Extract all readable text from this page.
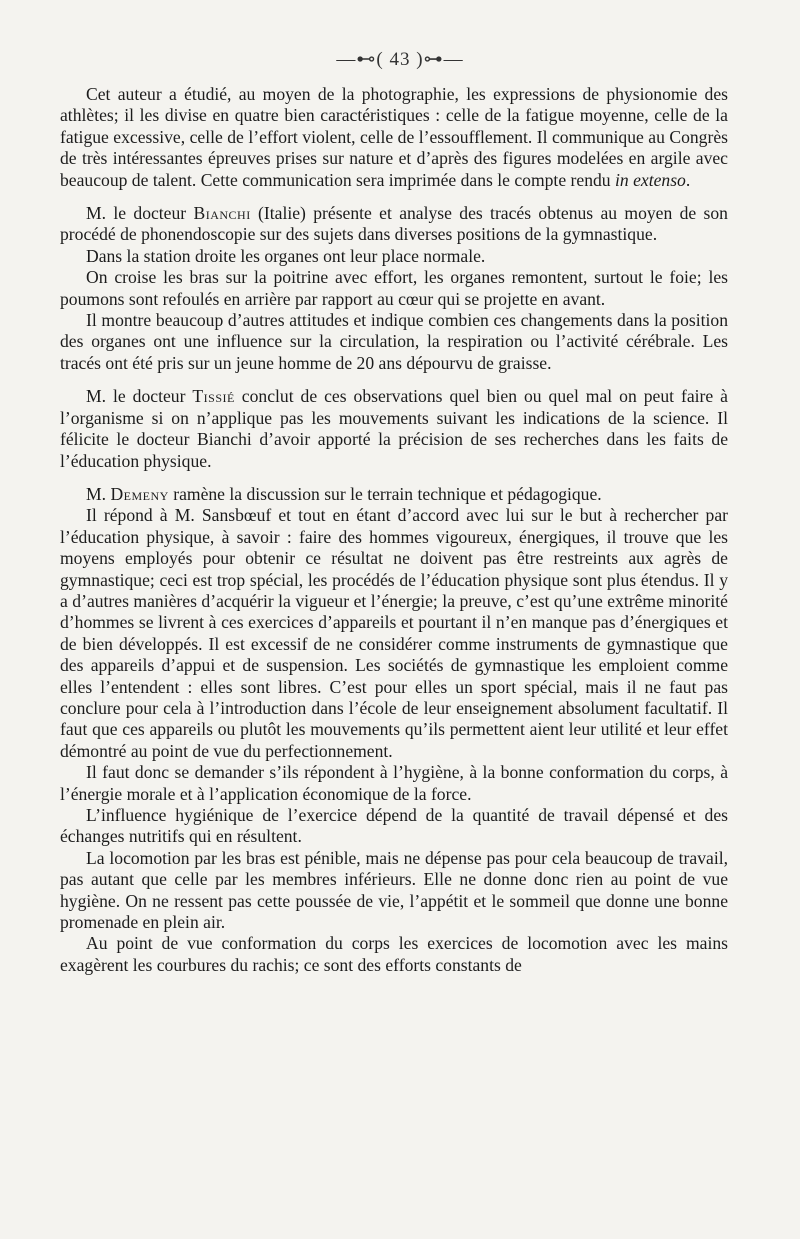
—⊷( 43 )⊶—

Cet auteur a étudié, au moyen de la photographie, les expressions de physionomie des athlètes; il les divise en quatre bien caractéristiques : celle de la fatigue moyenne, celle de la fatigue excessive, celle de l’effort violent, celle de l’essoufflement. Il communique au Congrès de très intéressantes épreuves prises sur nature et d’après des figures modelées en argile avec beaucoup de talent. Cette communication sera imprimée dans le compte rendu in extenso.

M. le docteur Bianchi (Italie) présente et analyse des tracés obtenus au moyen de son procédé de phonendoscopie sur des sujets dans diverses positions de la gymnastique.

Dans la station droite les organes ont leur place normale.

On croise les bras sur la poitrine avec effort, les organes remontent, surtout le foie; les poumons sont refoulés en arrière par rapport au cœur qui se projette en avant.

Il montre beaucoup d’autres attitudes et indique combien ces changements dans la position des organes ont une influence sur la circulation, la respiration ou l’activité cérébrale. Les tracés ont été pris sur un jeune homme de 20 ans dépourvu de graisse.

M. le docteur Tissié conclut de ces observations quel bien ou quel mal on peut faire à l’organisme si on n’applique pas les mouvements suivant les indications de la science. Il félicite le docteur Bianchi d’avoir apporté la précision de ses recherches dans les faits de l’éducation physique.

M. Demeny ramène la discussion sur le terrain technique et pédagogique.

Il répond à M. Sansbœuf et tout en étant d’accord avec lui sur le but à rechercher par l’éducation physique, à savoir : faire des hommes vigoureux, énergiques, il trouve que les moyens employés pour obtenir ce résultat ne doivent pas être restreints aux agrès de gymnastique; ceci est trop spécial, les procédés de l’éducation physique sont plus étendus. Il y a d’autres manières d’acquérir la vigueur et l’énergie; la preuve, c’est qu’une extrême minorité d’hommes se livrent à ces exercices d’appareils et pourtant il n’en manque pas d’énergiques et de bien développés. Il est excessif de ne considérer comme instruments de gymnastique que des appareils d’appui et de suspension. Les sociétés de gymnastique les emploient comme elles l’entendent : elles sont libres. C’est pour elles un sport spécial, mais il ne faut pas conclure pour cela à l’introduction dans l’école de leur enseignement absolument facultatif. Il faut que ces appareils ou plutôt les mouvements qu’ils permettent aient leur utilité et leur effet démontré au point de vue du perfectionnement.

Il faut donc se demander s’ils répondent à l’hygiène, à la bonne conformation du corps, à l’énergie morale et à l’application économique de la force.

L’influence hygiénique de l’exercice dépend de la quantité de travail dépensé et des échanges nutritifs qui en résultent.

La locomotion par les bras est pénible, mais ne dépense pas pour cela beaucoup de travail, pas autant que celle par les membres inférieurs. Elle ne donne donc rien au point de vue hygiène. On ne ressent pas cette poussée de vie, l’appétit et le sommeil que donne une bonne promenade en plein air.

Au point de vue conformation du corps les exercices de locomotion avec les mains exagèrent les courbures du rachis; ce sont des efforts constants de
